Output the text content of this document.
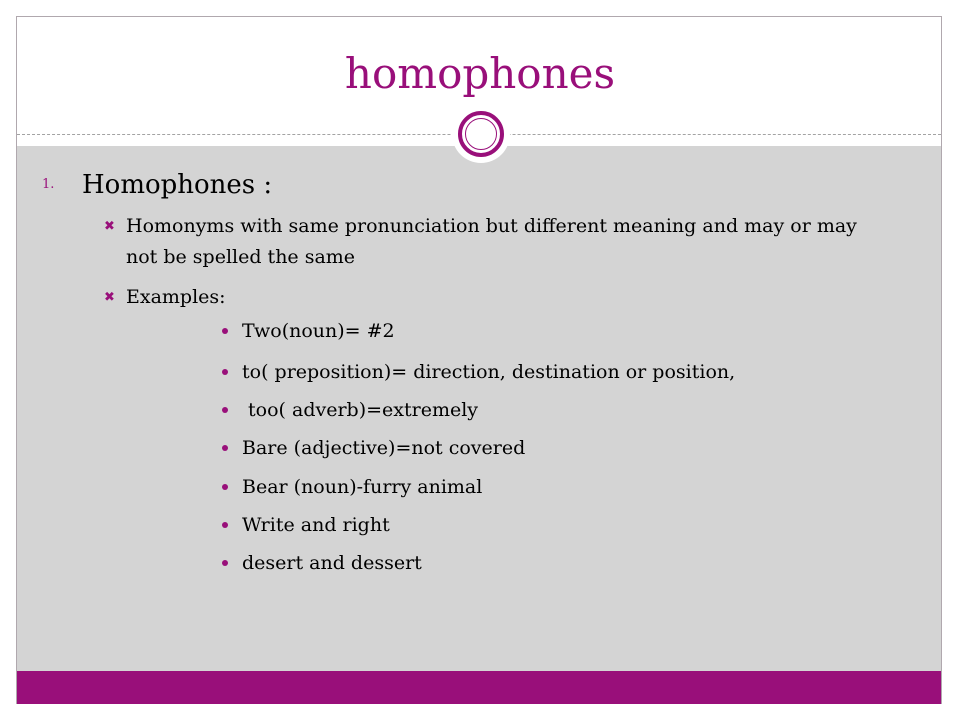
homophones
1. Homophones :
✖ Homonyms with same pronunciation but different meaning and may or may not be spelled the same
✖ Examples:
Two(noun)= #2
to( preposition)= direction, destination or position,
too( adverb)=extremely
Bare (adjective)=not covered
Bear (noun)-furry animal
Write and right
desert and dessert
